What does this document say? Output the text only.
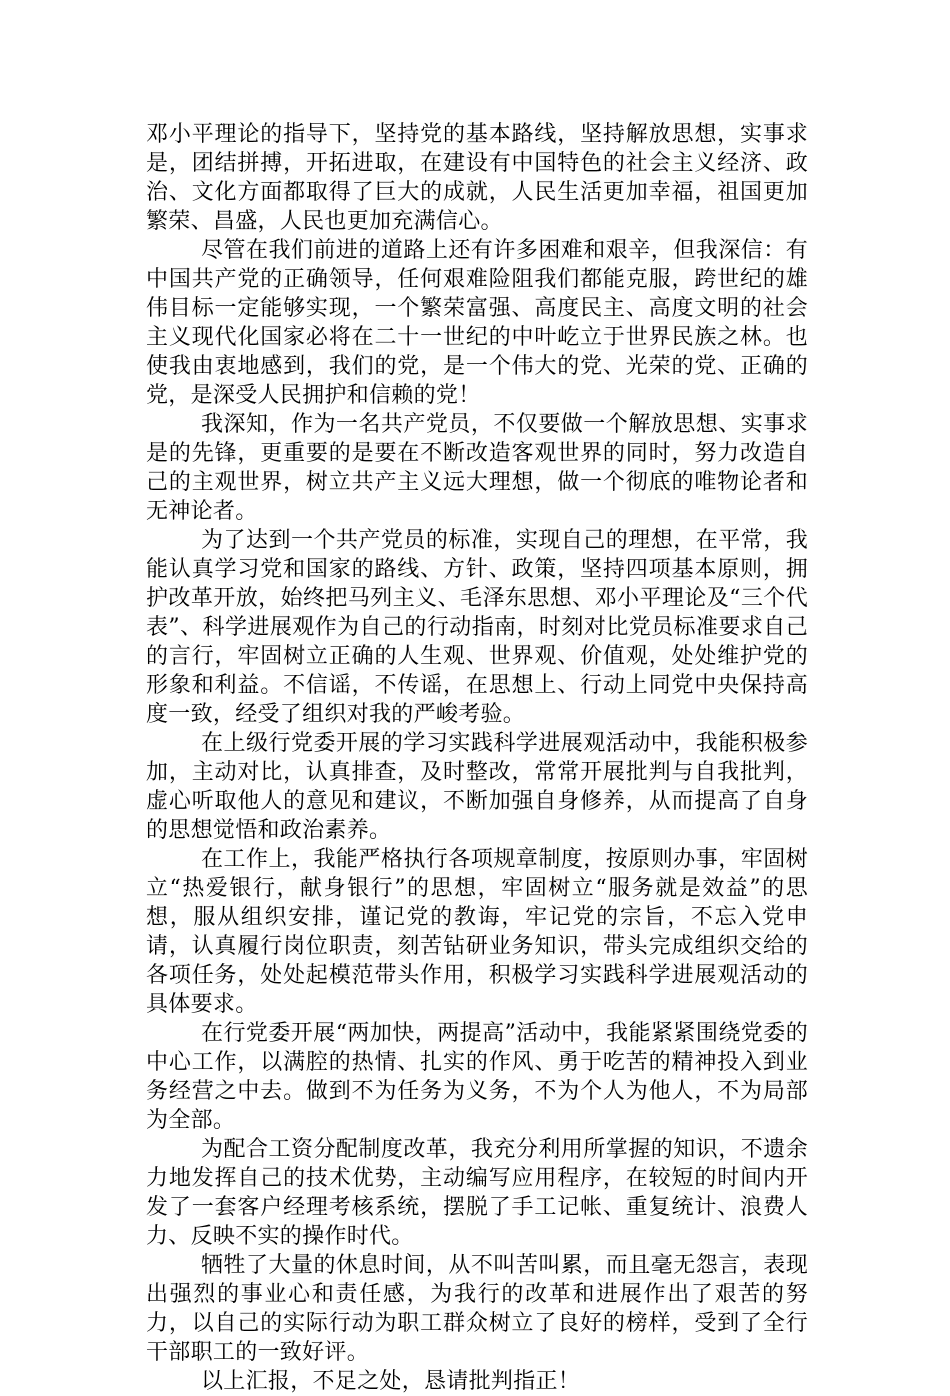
邓小平理论的指导下，坚持党的基本路线，坚持解放思想，实事求是，团结拼搏，开拓进取，在建设有中国特色的社会主义经济、政治、文化方面都取得了巨大的成就，人民生活更加幸福，祖国更加繁荣、昌盛，人民也更加充满信心。

尽管在我们前进的道路上还有许多困难和艰辛，但我深信：有中国共产党的正确领导，任何艰难险阻我们都能克服，跨世纪的雄伟目标一定能够实现，一个繁荣富强、高度民主、高度文明的社会主义现代化国家必将在二十一世纪的中叶屹立于世界民族之林。也使我由衷地感到，我们的党，是一个伟大的党、光荣的党、正确的党，是深受人民拥护和信赖的党！

我深知，作为一名共产党员，不仅要做一个解放思想、实事求是的先锋，更重要的是要在不断改造客观世界的同时，努力改造自己的主观世界，树立共产主义远大理想，做一个彻底的唯物论者和无神论者。

为了达到一个共产党员的标准，实现自己的理想，在平常，我能认真学习党和国家的路线、方针、政策，坚持四项基本原则，拥护改革开放，始终把马列主义、毛泽东思想、邓小平理论及“三个代表”、科学进展观作为自己的行动指南，时刻对比党员标准要求自己的言行，牢固树立正确的人生观、世界观、价值观，处处维护党的形象和利益。不信谣，不传谣，在思想上、行动上同党中央保持高度一致，经受了组织对我的严峻考验。

在上级行党委开展的学习实践科学进展观活动中，我能积极参加，主动对比，认真排查，及时整改，常常开展批判与自我批判，虚心听取他人的意见和建议，不断加强自身修养，从而提高了自身的思想觉悟和政治素养。

在工作上，我能严格执行各项规章制度，按原则办事，牢固树立“热爱银行，献身银行”的思想，牢固树立“服务就是效益”的思想，服从组织安排，谨记党的教诲，牢记党的宗旨，不忘入党申请，认真履行岗位职责，刻苦钻研业务知识，带头完成组织交给的各项任务，处处起模范带头作用，积极学习实践科学进展观活动的具体要求。

在行党委开展“两加快，两提高”活动中，我能紧紧围绕党委的中心工作，以满腔的热情、扎实的作风、勇于吃苦的精神投入到业务经营之中去。做到不为任务为义务，不为个人为他人，不为局部为全部。

为配合工资分配制度改革，我充分利用所掌握的知识，不遗余力地发挥自己的技术优势，主动编写应用程序，在较短的时间内开发了一套客户经理考核系统，摆脱了手工记帐、重复统计、浪费人力、反映不实的操作时代。

牺牲了大量的休息时间，从不叫苦叫累，而且毫无怨言，表现出强烈的事业心和责任感，为我行的改革和进展作出了艰苦的努力，以自己的实际行动为职工群众树立了良好的榜样，受到了全行干部职工的一致好评。

以上汇报，不足之处，恳请批判指正！
